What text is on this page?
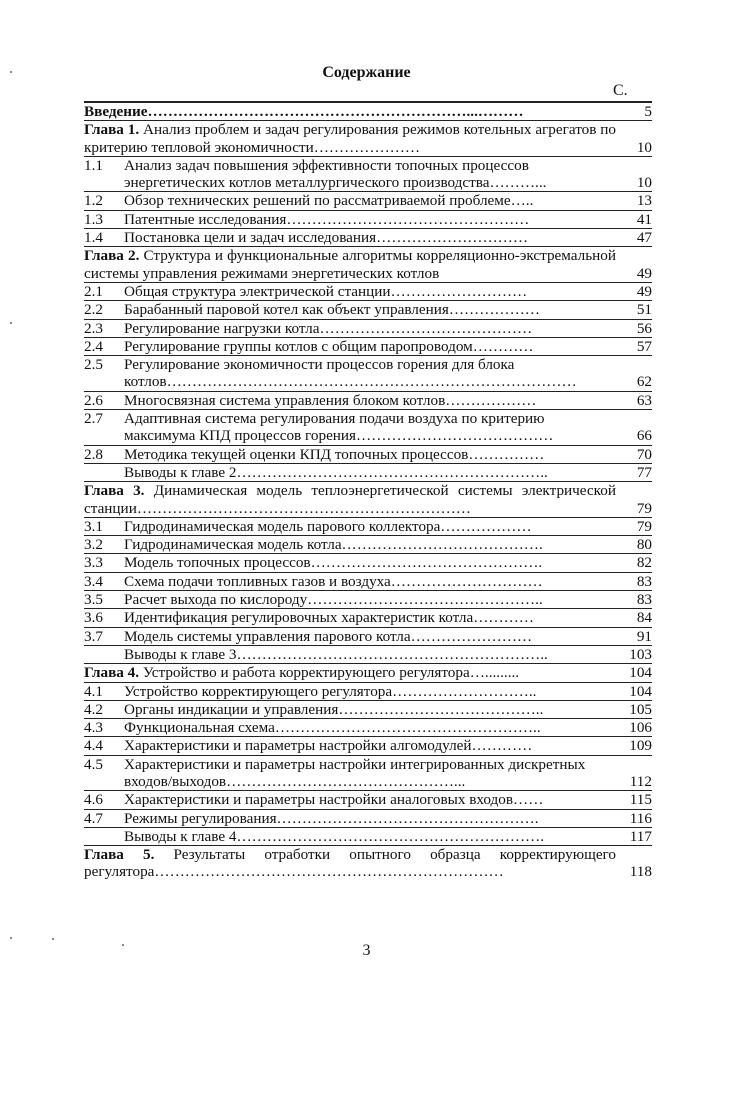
Содержание
С.
Введение………………………………………………………...………	5
Глава 1. Анализ проблем и задач регулирования режимов котельных агрегатов по критерию тепловой экономичности…………………	10
1.1	Анализ задач повышения эффективности топочных процессов энергетических котлов металлургического производства………...	10
1.2	Обзор технических решений по рассматриваемой проблеме…..	13
1.3	Патентные исследования…………………………………………	41
1.4	Постановка цели и задач исследования…………………………	47
Глава 2. Структура и функциональные алгоритмы корреляционно-экстремальной системы управления режимами энергетических котлов	49
2.1	Общая структура электрической станции………………………	49
2.2	Барабанный паровой котел как объект управления………………	51
2.3	Регулирование нагрузки котла……………………………………	56
2.4	Регулирование группы котлов с общим паропроводом…………	57
2.5	Регулирование экономичности процессов горения для блока котлов………………………………………………………………………	62
2.6	Многосвязная система управления блоком котлов………………	63
2.7	Адаптивная система регулирования подачи воздуха по критерию максимума КПД процессов горения…………………………………	66
2.8	Методика текущей оценки КПД топочных процессов……………	70
Выводы к главе 2……………………………………………………..	77
Глава 3. Динамическая модель теплоэнергетической системы электрической станции…………………………………………………………	79
3.1	Гидродинамическая модель парового коллектора………………	79
3.2	Гидродинамическая модель котла………………………………….	80
3.3	Модель топочных процессов……………………………………….	82
3.4	Схема подачи топливных газов и воздуха…………………………	83
3.5	Расчет выхода по кислороду………………………………………..	83
3.6	Идентификация регулировочных характеристик котла…………	84
3.7	Модель системы управления парового котла……………………	91
Выводы к главе 3……………………………………………………..	103
Глава 4. Устройство и работа корректирующего регулятора….........	104
4.1	Устройство корректирующего регулятора………………………..	104
4.2	Органы индикации и управления…………………………………..	105
4.3	Функциональная схема……………………………………………..	106
4.4	Характеристики и параметры настройки алгомодулей…………	109
4.5	Характеристики и параметры настройки интегрированных дискретных входов/выходов………………………………………...	112
4.6	Характеристики и параметры настройки аналоговых входов……	115
4.7	Режимы регулирования…………………………………………….	116
Выводы к главе 4…………………………………………………….	117
Глава 5. Результаты отработки опытного образца корректирующего регулятора……………………………………………………………	118
3
